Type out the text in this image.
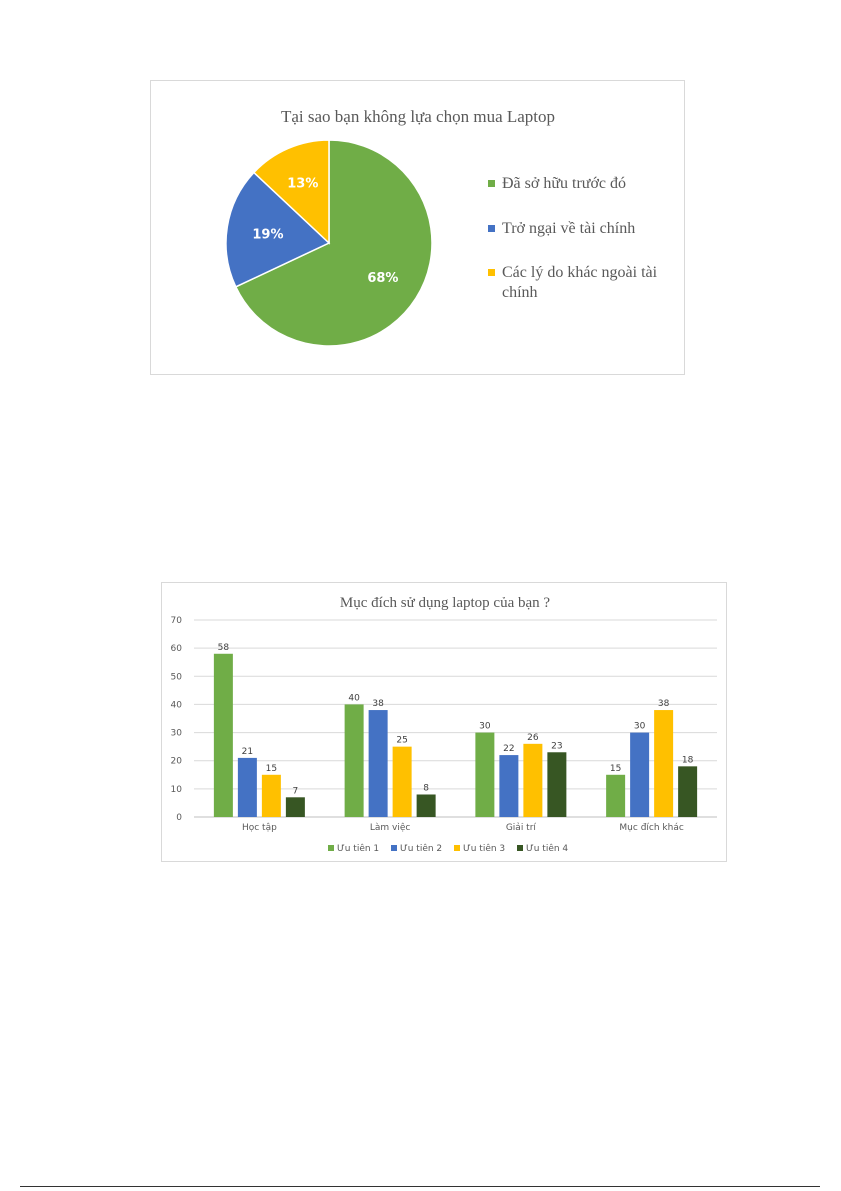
Tại sao bạn không lựa chọn mua Laptop
68%
19%
13%	Đã sở hữu trước đó
Trở ngại về tài chính
Các lý do khác ngoài tài
chính
Mục đích sử dụng laptop của bạn ?
58
21
15
7
40
38
25
8
30
22
26
23
15
30
38
18
0
10
20
30
40
50
60
70
Học tập	Làm việc	Giải trí	Mục đích khác
Ưu tiên 1 Ưu tiên 2 Ưu tiên 3 Ưu tiên 4
